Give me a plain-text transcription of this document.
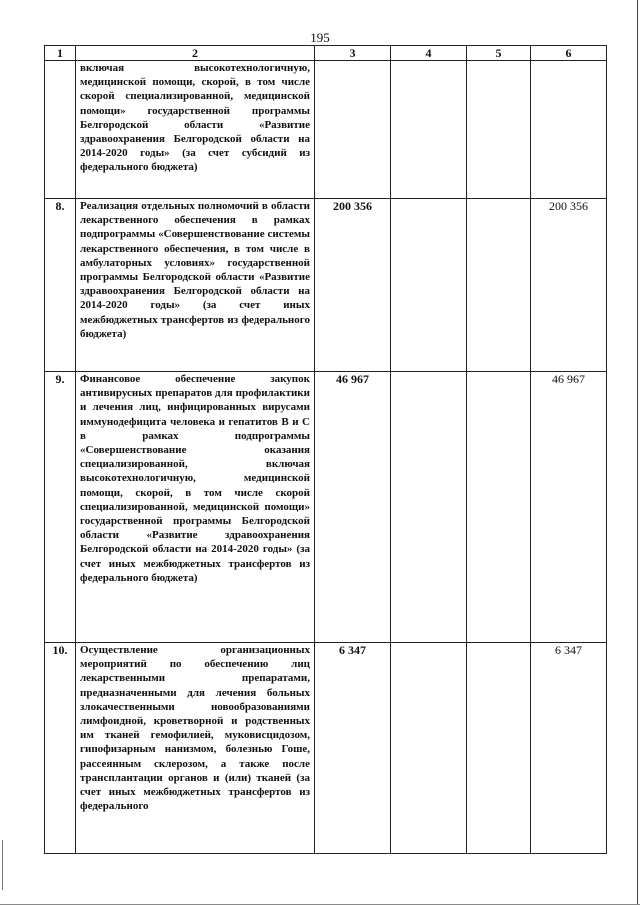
195
1	2	3	4	5	6
	включая высокотехнологичную, медицинской помощи, скорой, в том числе скорой специализированной, медицинской помощи» государственной программы Белгородской области «Развитие здравоохранения Белгородской области на 2014-2020 годы» (за счет субсидий из федерального бюджета)				
8.	Реализация отдельных полномочий в области лекарственного обеспечения в рамках подпрограммы «Совершенствование системы лекарственного обеспечения, в том числе в амбулаторных условиях» государственной программы Белгородской области «Развитие здравоохранения Белгородской области на 2014-2020 годы» (за счет иных межбюджетных трансфертов из федерального бюджета)	200 356			200 356
9.	Финансовое обеспечение закупок антивирусных препаратов для профилактики и лечения лиц, инфицированных вирусами иммунодефицита человека и гепатитов В и С в рамках подпрограммы «Совершенствование оказания специализированной, включая высокотехнологичную, медицинской помощи, скорой, в том числе скорой специализированной, медицинской помощи» государственной программы Белгородской области «Развитие здравоохранения Белгородской области на 2014-2020 годы» (за счет иных межбюджетных трансфертов из федерального бюджета)	46 967			46 967
10.	Осуществление организационных мероприятий по обеспечению лиц лекарственными препаратами, предназначенными для лечения больных злокачественными новообразованиями лимфоидной, кроветворной и родственных им тканей гемофилией, муковисцидозом, гипофизарным нанизмом, болезнью Гоше, рассеянным склерозом, а также после трансплантации органов и (или) тканей (за счет иных межбюджетных трансфертов из федерального	6 347			6 347
